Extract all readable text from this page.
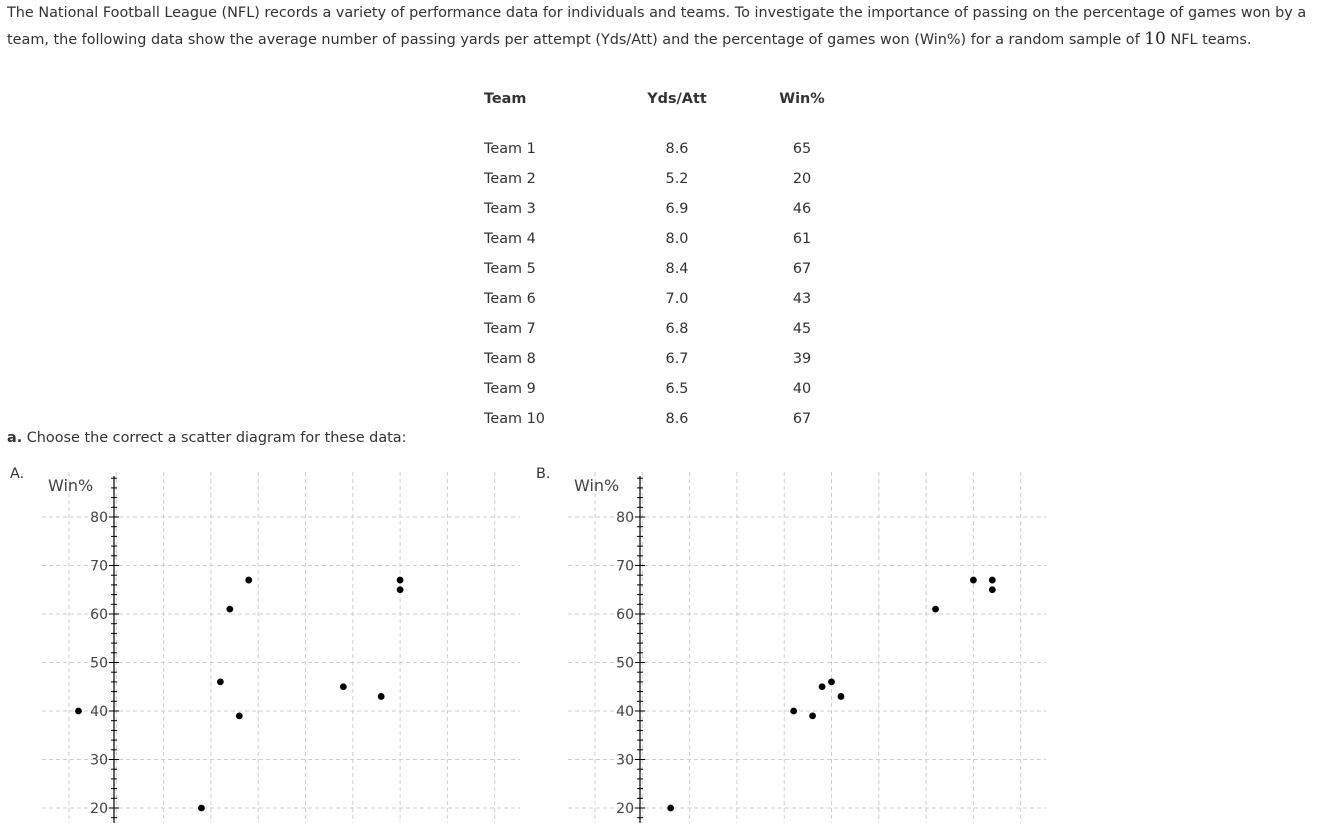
The National Football League (NFL) records a variety of performance data for individuals and teams. To investigate the importance of passing on the percentage of games won by a team, the following data show the average number of passing yards per attempt (Yds/Att) and the percentage of games won (Win%) for a random sample of 10 NFL teams.
Team	Yds/Att	Win%

Team 1	8.6	65
Team 2	5.2	20
Team 3	6.9	46
Team 4	8.0	61
Team 5	8.4	67
Team 6	7.0	43
Team 7	6.8	45
Team 8	6.7	39
Team 9	6.5	40
Team 10	8.6	67
a. Choose the correct a scatter diagram for these data:
A.	B.
20
30
40
50
60
70
80
Win%
20
30
40
50
60
70
80
Win%
